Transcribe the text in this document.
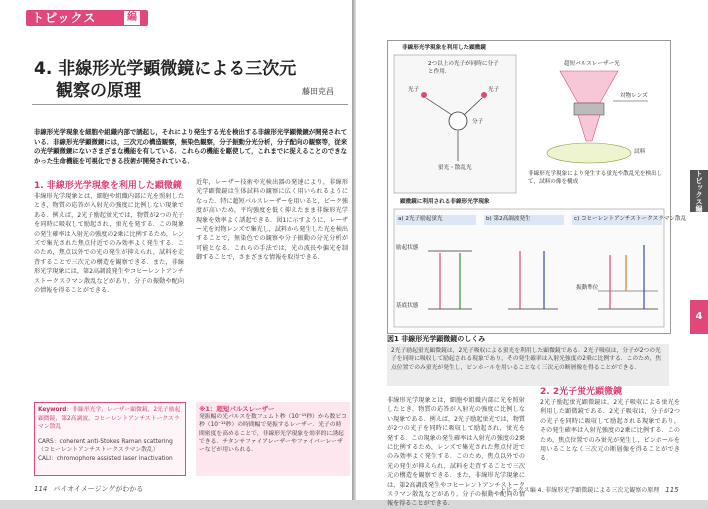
トピックス	編
4. 非線形光学顕微鏡による三次元
観察の原理	藤田克昌
非線形光学現象を細胞や組織内部で誘起し，それにより発生する光を検出する非線形光学顕微鏡が開発されている．非線形光学顕微鏡には，三次元の構造観察，無染色観察，分子振動分光分析，分子配向の観察等，従来の光学顕微鏡にないさまざまな機能を有している．これらの機能を駆使して，これまでに捉えることのできなかった生命機能を可視化できる技術が開発されている．
1. 非線形光学現象を利用した顕微鏡
非線形光学現象とは，細胞や組織内部に光を照射したとき，物質の応答が入射光の強度に比例しない現象である．例えば，2光子励起蛍光では，物質が2つの光子を同時に吸収して励起され，蛍光を発する．この現象の発生確率は入射光の強度の2乗に比例するため，レンズで集光された焦点付近でのみ効率よく発生する．このため，焦点以外での光の発生が抑えられ，試料を走査することで三次元の構造を観察できる．また，非線形光学現象には，第2高調波発生やコヒーレントアンチストークスラマン散乱などがあり，分子の振動や配向の情報を得ることができる．
近年，レーザー技術や光検出器の発達により，非線形光学顕微鏡は生体試料の観察に広く用いられるようになった．特に超短パルスレーザーを用いると，ピーク強度が高いため，平均強度を低く抑えたまま非線形光学現象を効率よく誘起できる．図1に示すように，レーザー光を対物レンズで集光し，試料から発生した光を検出することで，無染色での観察や分子振動の分光分析が可能となる．これらの手法では，光の波長や偏光を制御することで，さまざまな情報を取得できる．
Keyword：非線形光学，レーザー顕微鏡，2光子励起顕微鏡，第2高調波，コヒーレントアンチストークスラマン散乱
CARS：coherent anti-Stokes Raman scattering
（コヒーレントアンチストークスラマン散乱）
CALI：chromophore assisted laser inactivation
※1：超短パルスレーザー
発振幅の光パルスを数フェムト秒（10⁻¹⁵秒）から数ピコ秒（10⁻¹²秒）の時間幅で発振するレーザー．光子の時間密度を高めることで，非線形光学現象を効率的に誘起できる．チタンサファイアレーザーやファイバーレーザーなどが用いられる．
114 バイオイメージングがわかる
非線形光学現象を利用した顕微鏡
2つ以上の光子が同時に分子と作用．
光子	光子
分子
蛍光・散乱光
超短パルスレーザー光
対物レンズ
試料
非線形光学現象により発生する蛍光や散乱光を検出して，試料の像を構成
顕微鏡に利用される非線形光学現象
a) 2光子励起蛍光	b) 第2高調波発生	c) コヒーレントアンチストークスラマン散乱
励起状態
基底状態
振動準位
図1 非線形光学顕微鏡のしくみ
2光子励起蛍光顕微鏡は，2光子吸収による蛍光を利用した顕微鏡である．2光子吸収は，分子が2つの光子を同時に吸収して励起される現象であり，その発生確率は入射光強度の2乗に比例する．このため，焦点位置でのみ蛍光が発生し，ピンホールを用いることなく三次元の断層像を得ることができる．
2. 2光子蛍光顕微鏡
非線形光学現象とは，細胞や組織内部に光を照射したとき，物質の応答が入射光の強度に比例しない現象である．例えば，2光子励起蛍光では，物質が2つの光子を同時に吸収して励起され，蛍光を発する．この現象の発生確率は入射光の強度の2乗に比例するため，レンズで集光された焦点付近でのみ効率よく発生する．このため，焦点以外での光の発生が抑えられ，試料を走査することで三次元の構造を観察できる．また，非線形光学現象には，第2高調波発生やコヒーレントアンチストークスラマン散乱などがあり，分子の振動や配向の情報を得ることができる．
2光子励起蛍光顕微鏡は，2光子吸収による蛍光を利用した顕微鏡である．2光子吸収は，分子が2つの光子を同時に吸収して励起される現象であり，その発生確率は入射光強度の2乗に比例する．このため，焦点位置でのみ蛍光が発生し，ピンホールを用いることなく三次元の断層像を得ることができる．
トピックス編
4
トピックス編 4. 非線形光学顕微鏡による三次元観察の原理 115
